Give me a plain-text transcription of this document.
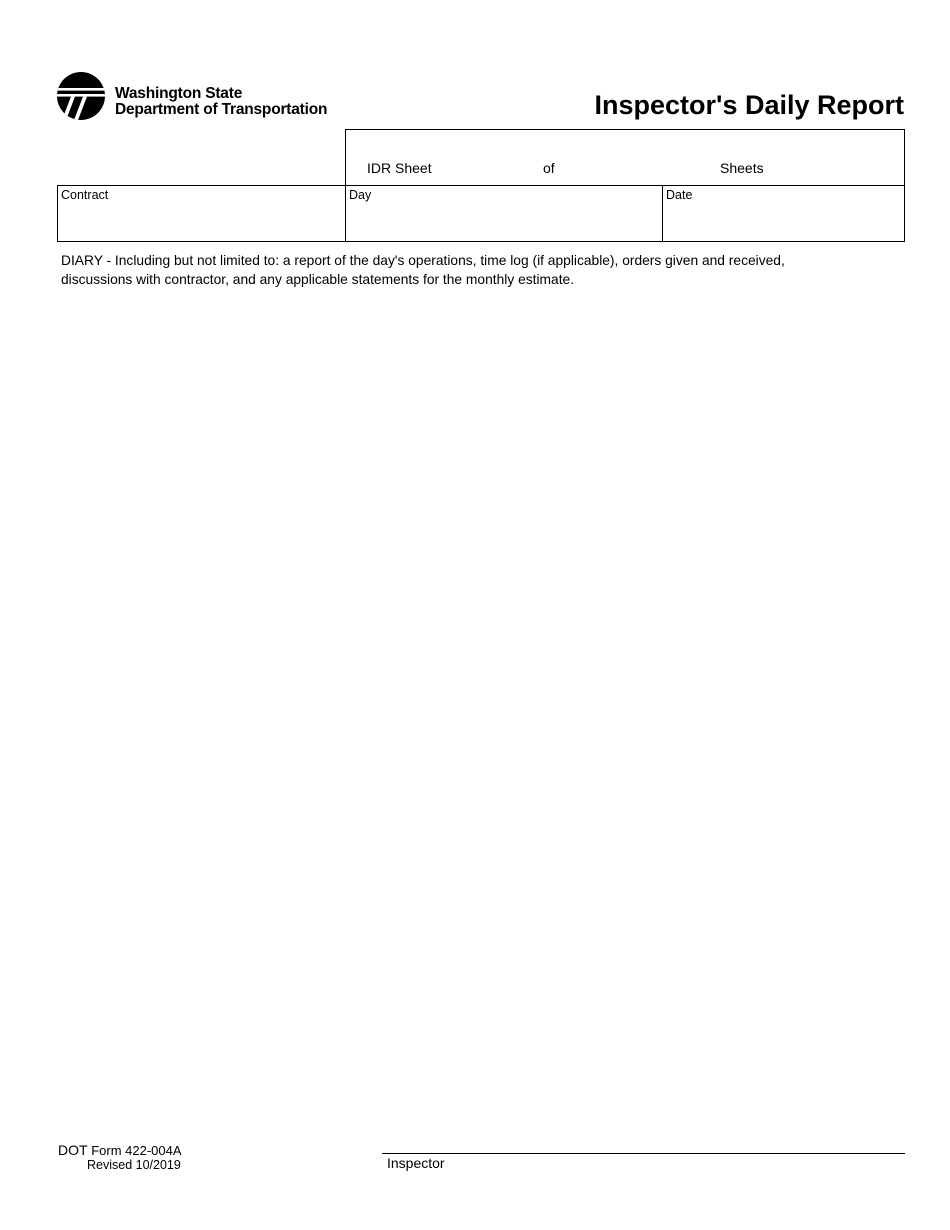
Washington State
Department of Transportation	Inspector's Daily Report
IDR Sheet	of	Sheets
Contract	Day	Date

DIARY - Including but not limited to: a report of the day's operations, time log (if applicable), orders given and received, discussions with contractor, and any applicable statements for the monthly estimate.

DOT Form 422-004A
Revised 10/2019	Inspector
